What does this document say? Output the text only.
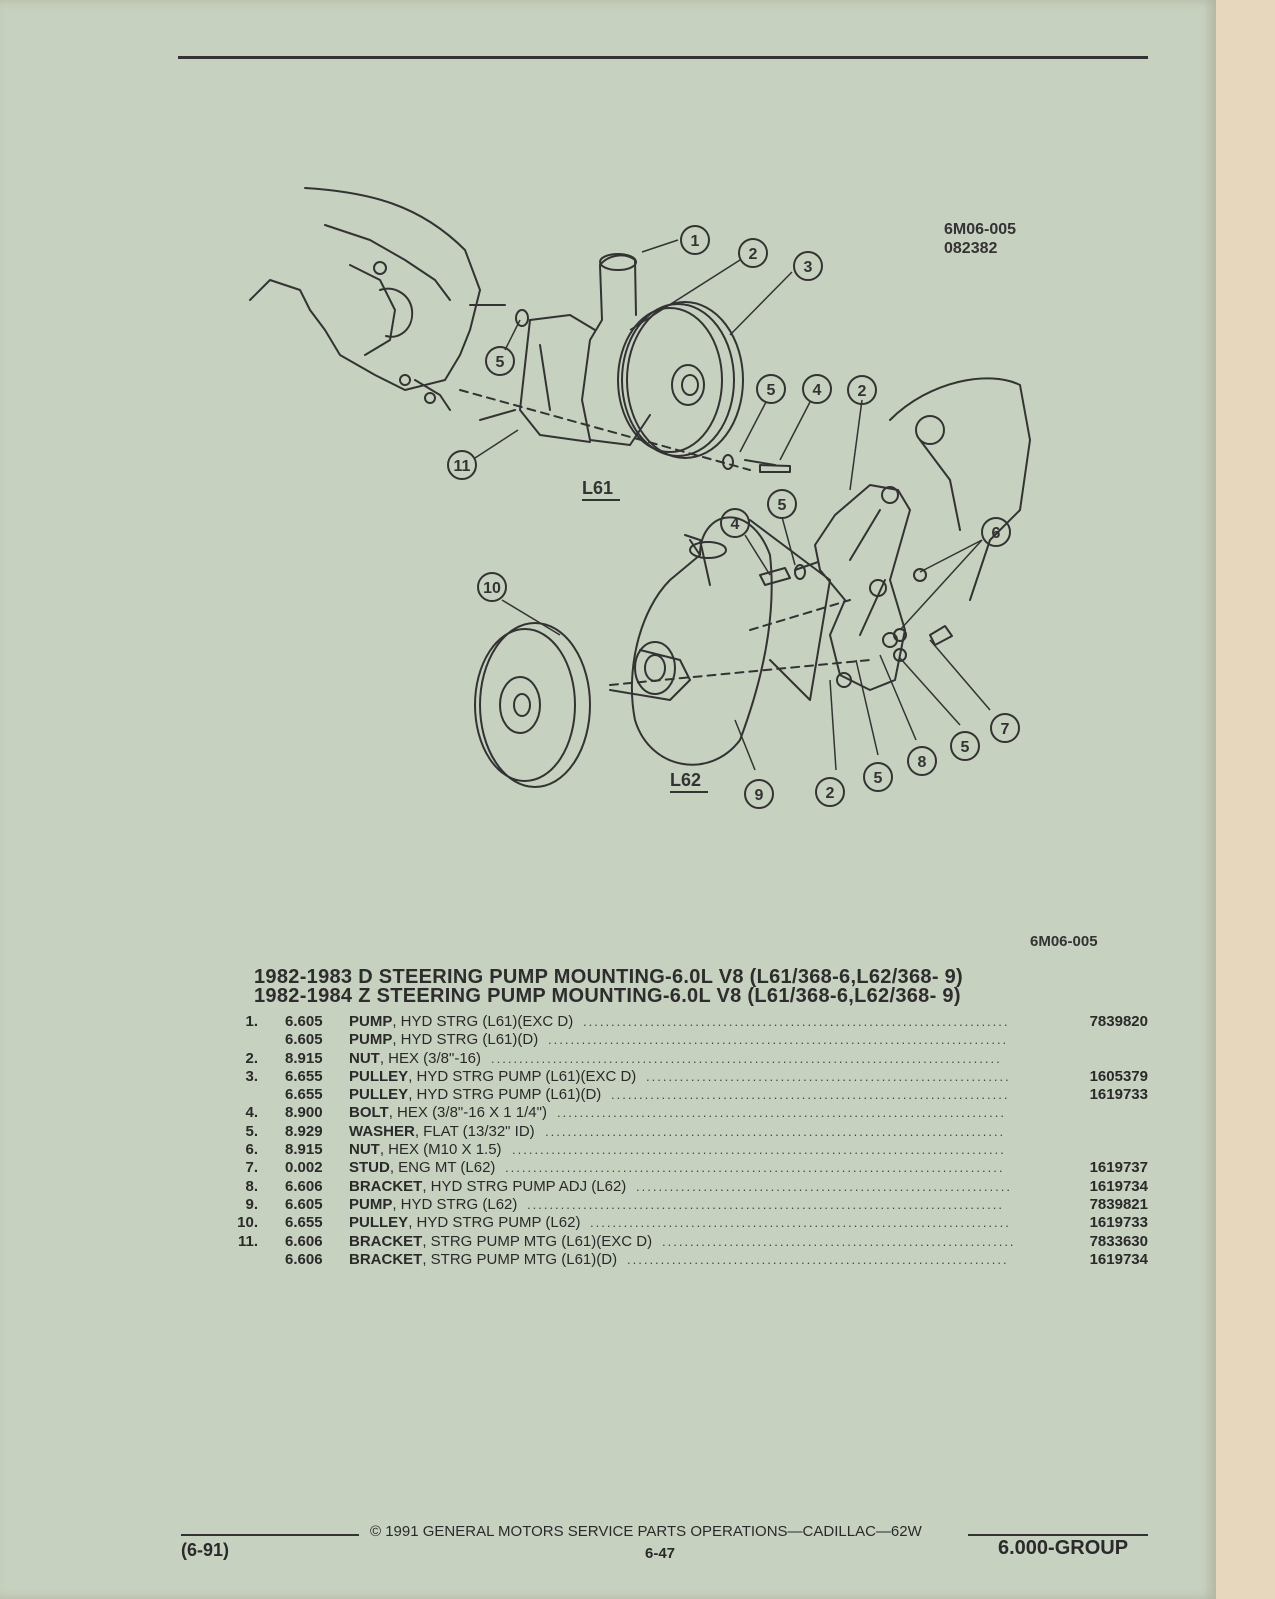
6M06-005
082382
1
2
3
5
5 4
11
2
4
5
6
10
7
5
8
5
2
9
L61
L62
6M06-005
1982-1983 D STEERING PUMP MOUNTING-6.0L V8 (L61/368-6,L62/368- 9)
1982-1984 Z STEERING PUMP MOUNTING-6.0L V8 (L61/368-6,L62/368- 9)
1. 6.605 PUMP, HYD STRG (L61)(EXC D) ............................................................................	7839820
6.605 PUMP, HYD STRG (L61)(D) ..................................................................................
2. 8.915 NUT, HEX (3/8"-16) ...........................................................................................
3. 6.655 PULLEY, HYD STRG PUMP (L61)(EXC D) .................................................................	1605379
6.655 PULLEY, HYD STRG PUMP (L61)(D) .......................................................................	1619733
4. 8.900 BOLT, HEX (3/8"-16 X 1 1/4") ................................................................................
5. 8.929 WASHER, FLAT (13/32" ID) ..................................................................................
6. 8.915 NUT, HEX (M10 X 1.5) ........................................................................................
7. 0.002 STUD, ENG MT (L62) .........................................................................................	1619737
8. 6.606 BRACKET, HYD STRG PUMP ADJ (L62) ...................................................................	1619734
9. 6.605 PUMP, HYD STRG (L62) .....................................................................................	7839821
10. 6.655 PULLEY, HYD STRG PUMP (L62) ...........................................................................	1619733
11. 6.606 BRACKET, STRG PUMP MTG (L61)(EXC D) ...............................................................	7833630
6.606 BRACKET, STRG PUMP MTG (L61)(D) ....................................................................	1619734
© 1991 GENERAL MOTORS SERVICE PARTS OPERATIONS—CADILLAC—62W
(6-91)	6-47	6.000-GROUP
